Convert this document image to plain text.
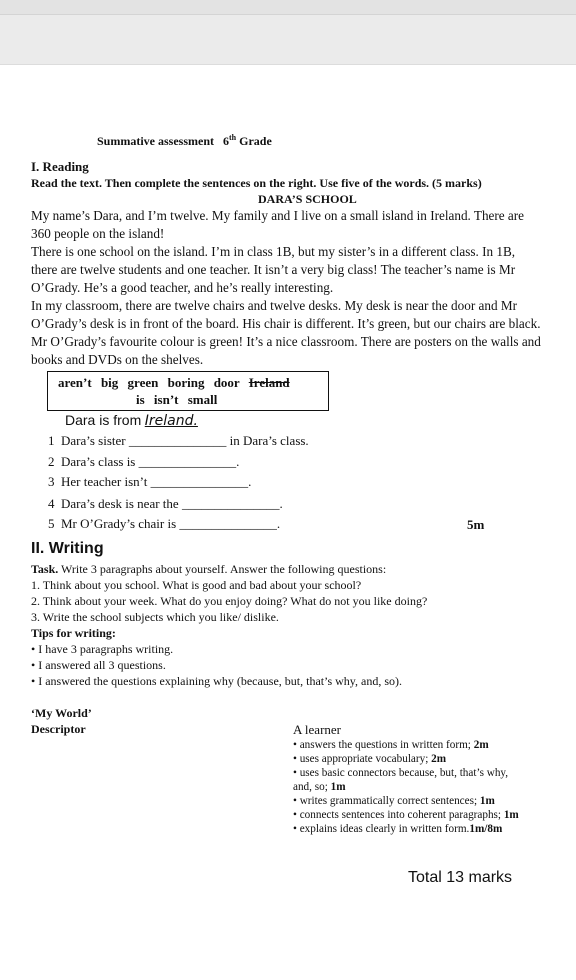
Summative assessment 6th Grade
I. Reading
Read the text. Then complete the sentences on the right. Use five of the words. (5 marks)
DARA’S SCHOOL
My name’s Dara, and I’m twelve. My family and I live on a small island in Ireland. There are
360 people on the island!
There is one school on the island. I’m in class 1B, but my sister’s in a different class. In 1B,
there are twelve students and one teacher. It isn’t a very big class! The teacher’s name is Mr
O’Grady. He’s a good teacher, and he’s really interesting.
In my classroom, there are twelve chairs and twelve desks. My desk is near the door and Mr
O’Grady’s desk is in front of the board. His chair is different. It’s green, but our chairs are black.
Mr O’Grady’s favourite colour is green! It’s a nice classroom. There are posters on the walls and
books and DVDs on the shelves.
aren’t big green boring door Ireland
is isn’t small
Dara is from Ireland.
1 Dara’s sister _______________ in Dara’s class.
2 Dara’s class is _______________.
3 Her teacher isn’t _______________.
4 Dara’s desk is near the _______________.
5 Mr O’Grady’s chair is _______________.	5m
II. Writing
Task. Write 3 paragraphs about yourself. Answer the following questions:
1. Think about you school. What is good and bad about your school?
2. Think about your week. What do you enjoy doing? What do not you like doing?
3. Write the school subjects which you like/ dislike.
Tips for writing:
• I have 3 paragraphs writing.
• I answered all 3 questions.
• I answered the questions explaining why (because, but, that’s why, and, so).
‘My World’
Descriptor	A learner
• answers the questions in written form; 2m
• uses appropriate vocabulary; 2m
• uses basic connectors because, but, that’s why,
and, so; 1m
• writes grammatically correct sentences; 1m
• connects sentences into coherent paragraphs; 1m
• explains ideas clearly in written form.1m/8m
Total 13 marks
